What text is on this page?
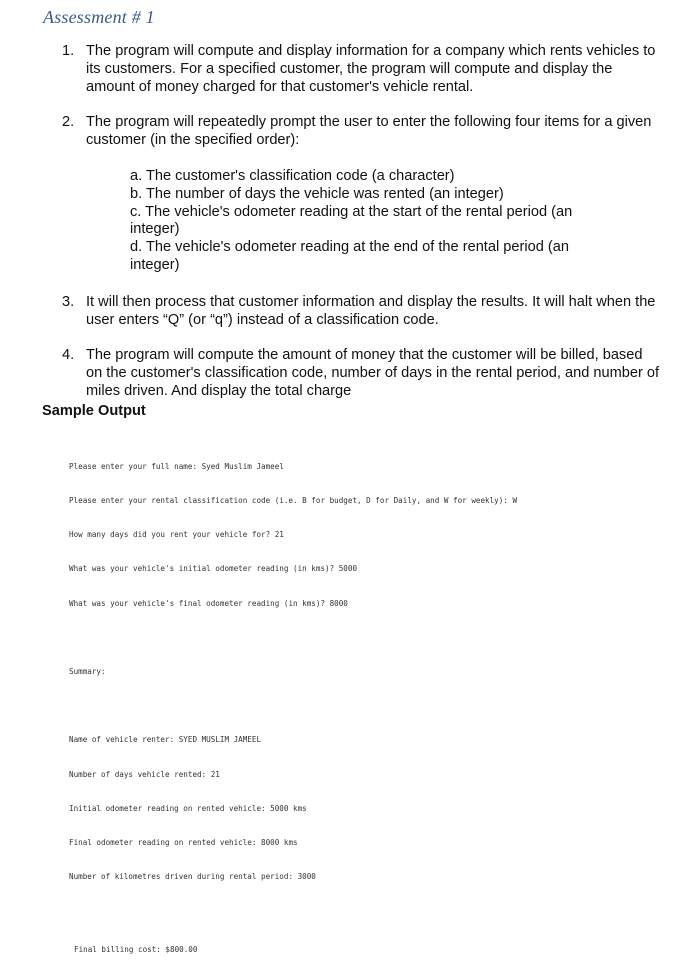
Assessment # 1
1. The program will compute and display information for a company which rents vehicles to its customers. For a specified customer, the program will compute and display the amount of money charged for that customer's vehicle rental.

2. The program will repeatedly prompt the user to enter the following four items for a given customer (in the specified order):

a. The customer's classification code (a character)
b. The number of days the vehicle was rented (an integer)
c. The vehicle's odometer reading at the start of the rental period (an integer)
d. The vehicle's odometer reading at the end of the rental period (an integer)
3. It will then process that customer information and display the results. It will halt when the user enters “Q” (or “q”) instead of a classification code.

4. The program will compute the amount of money that the customer will be billed, based on the customer's classification code, number of days in the rental period, and number of miles driven. And display the total charge

Sample Output

Please enter your full name: Syed Muslim Jameel

Please enter your rental classification code (i.e. B for budget, D for Daily, and W for weekly): W

How many days did you rent your vehicle for? 21

What was your vehicle's initial odometer reading (in kms)? 5000

What was your vehicle's final odometer reading (in kms)? 8000

Summary:

Name of vehicle renter: SYED MUSLIM JAMEEL

Number of days vehicle rented: 21

Initial odometer reading on rented vehicle: 5000 kms

Final odometer reading on rented vehicle: 8000 kms

Number of kilometres driven during rental period: 3000

Final billing cost: $800.00
